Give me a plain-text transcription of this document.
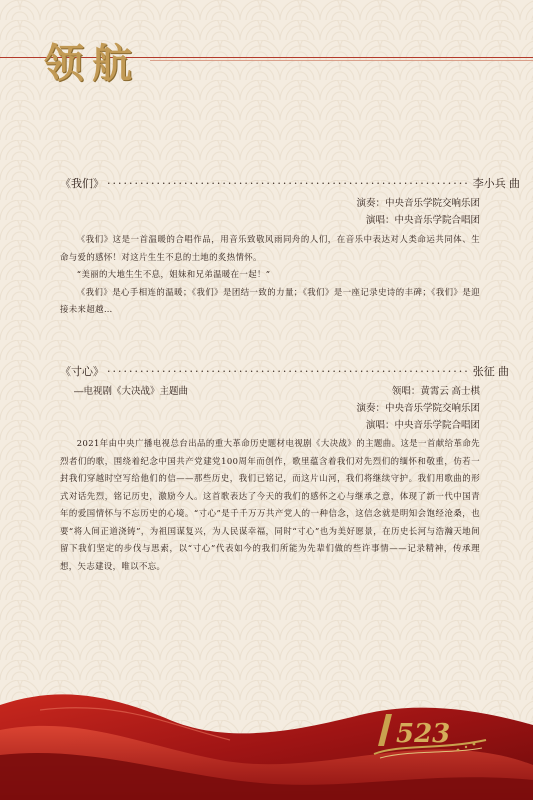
领航
《我们》 ·································································· 李小兵 曲
演奏：中央音乐学院交响乐团
演唱：中央音乐学院合唱团

《我们》这是一首温暖的合唱作品，用音乐致敬风雨同舟的人们，在音乐中表达对人类命运共同体、生命与爱的感怀！对这片生生不息的土地的炙热情怀。

“美丽的大地生生不息，姐妹和兄弟温暖在一起！”

《我们》是心手相连的温暖；《我们》是团结一致的力量；《我们》是一座记录史诗的丰碑；《我们》是迎接未来超越…

《寸心》 ·································································· 张征 曲
—电视剧《大决战》主题曲	领唱：黄霄云 高士棋
演奏：中央音乐学院交响乐团
演唱：中央音乐学院合唱团

2021年由中央广播电视总台出品的重大革命历史题材电视剧《大决战》的主题曲。这是一首献给革命先烈者们的歌，围绕着纪念中国共产党建党100周年而创作，歌里蕴含着我们对先烈们的缅怀和敬重，仿若一封我们穿越时空写给他们的信——那些历史，我们已铭记，而这片山河，我们将继续守护。我们用歌曲的形式对话先烈，铭记历史，激励今人。这首歌表达了今天的我们的感怀之心与继承之意，体现了新一代中国青年的爱国情怀与不忘历史的心境。“寸心”是千千万万共产党人的一种信念，这信念就是明知会饱经沧桑，也要“将人间正道浇铸”，为祖国谋复兴，为人民谋幸福，同时“寸心”也为美好愿景，在历史长河与浩瀚天地间留下我们坚定的步伐与思索，以“寸心”代表如今的我们所能为先辈们做的些许事情——记录精神，传承理想，矢志建设，唯以不忘。

523
